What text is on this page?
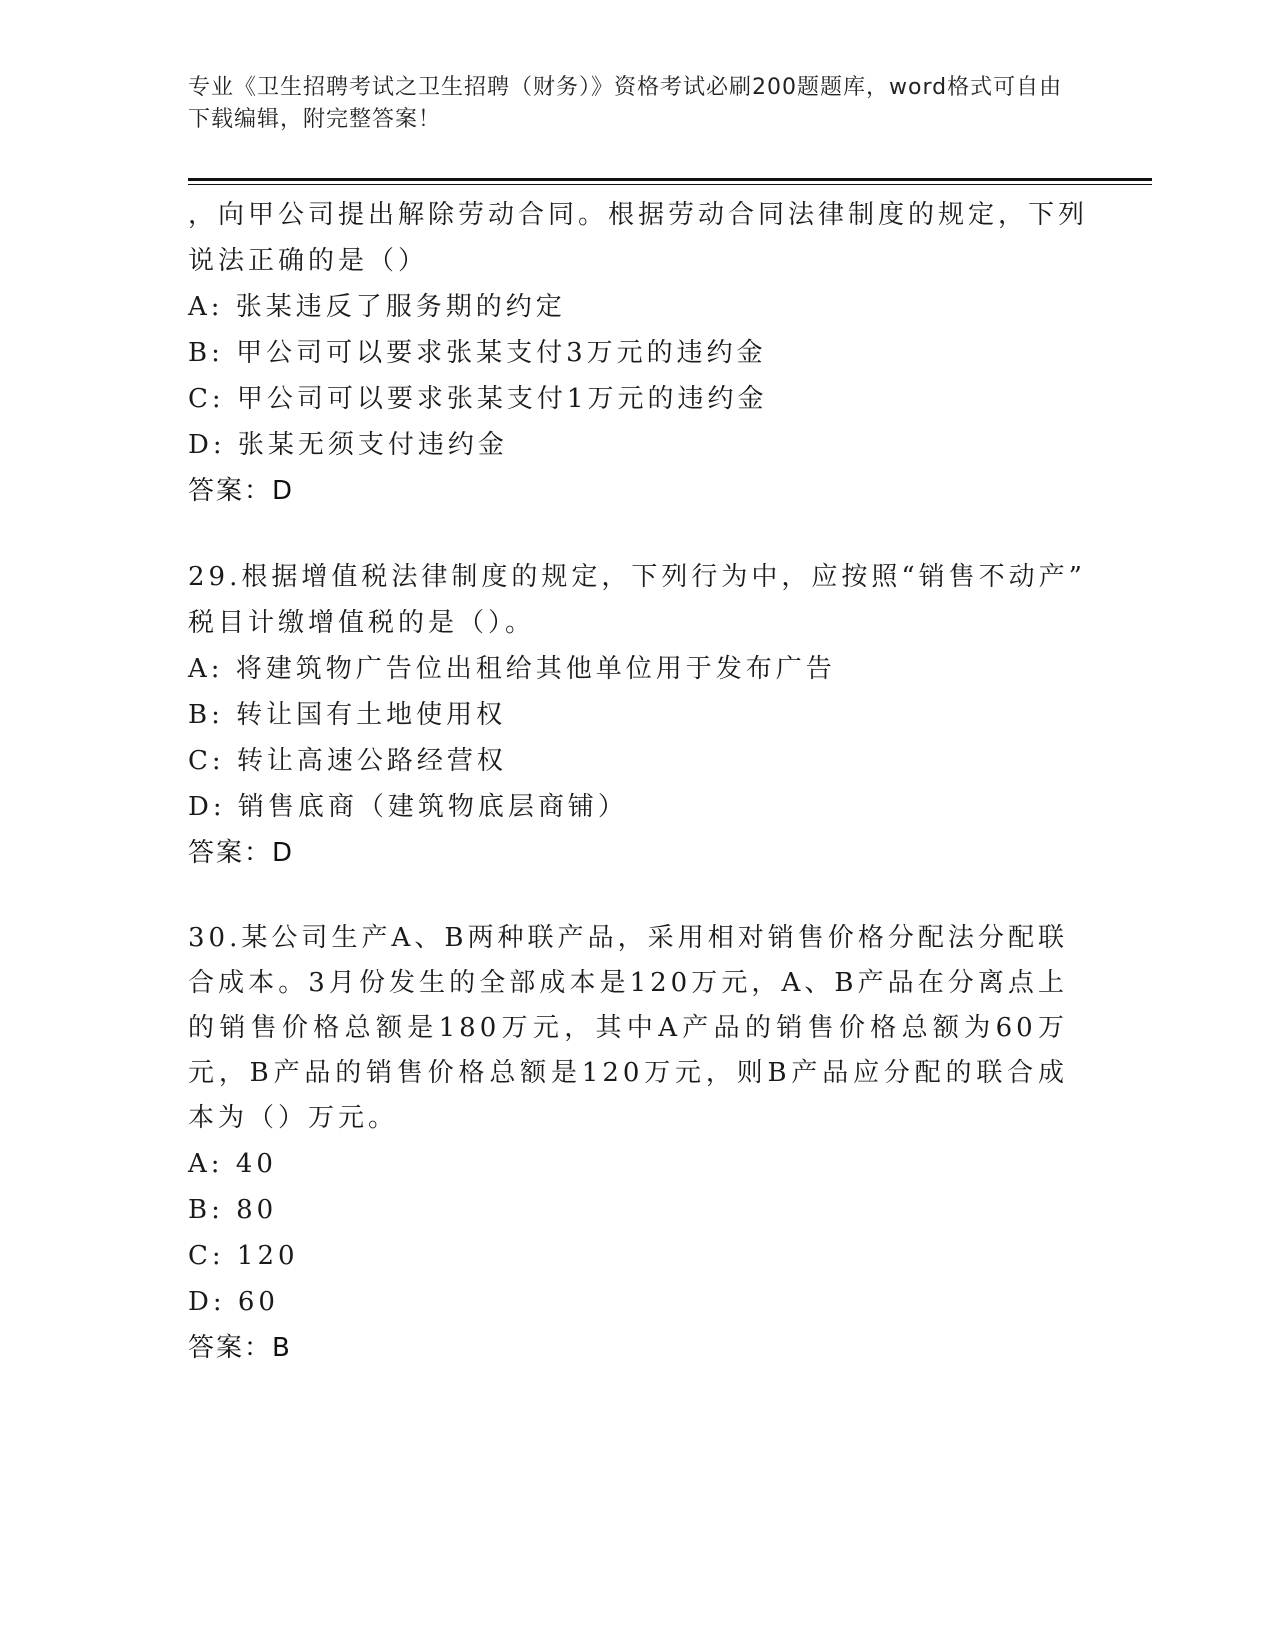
专业《卫生招聘考试之卫生招聘（财务）》资格考试必刷200题题库，word格式可自由下载编辑，附完整答案！
，向甲公司提出解除劳动合同。根据劳动合同法律制度的规定，下列
说法正确的是（）
A: 张某违反了服务期的约定
B: 甲公司可以要求张某支付3万元的违约金
C: 甲公司可以要求张某支付1万元的违约金
D: 张某无须支付违约金
答案：D
29.根据增值税法律制度的规定，下列行为中，应按照“销售不动产”
税目计缴增值税的是（）。
A: 将建筑物广告位出租给其他单位用于发布广告
B: 转让国有土地使用权
C: 转让高速公路经营权
D: 销售底商（建筑物底层商铺）
答案：D
30.某公司生产A、B两种联产品，采用相对销售价格分配法分配联合成本。3月份发生的全部成本是120万元，A、B产品在分离点上的销售价格总额是180万元，其中A产品的销售价格总额为60万元，B产品的销售价格总额是120万元，则B产品应分配的联合成本为（）万元。
A: 40
B: 80
C: 120
D: 60
答案：B
